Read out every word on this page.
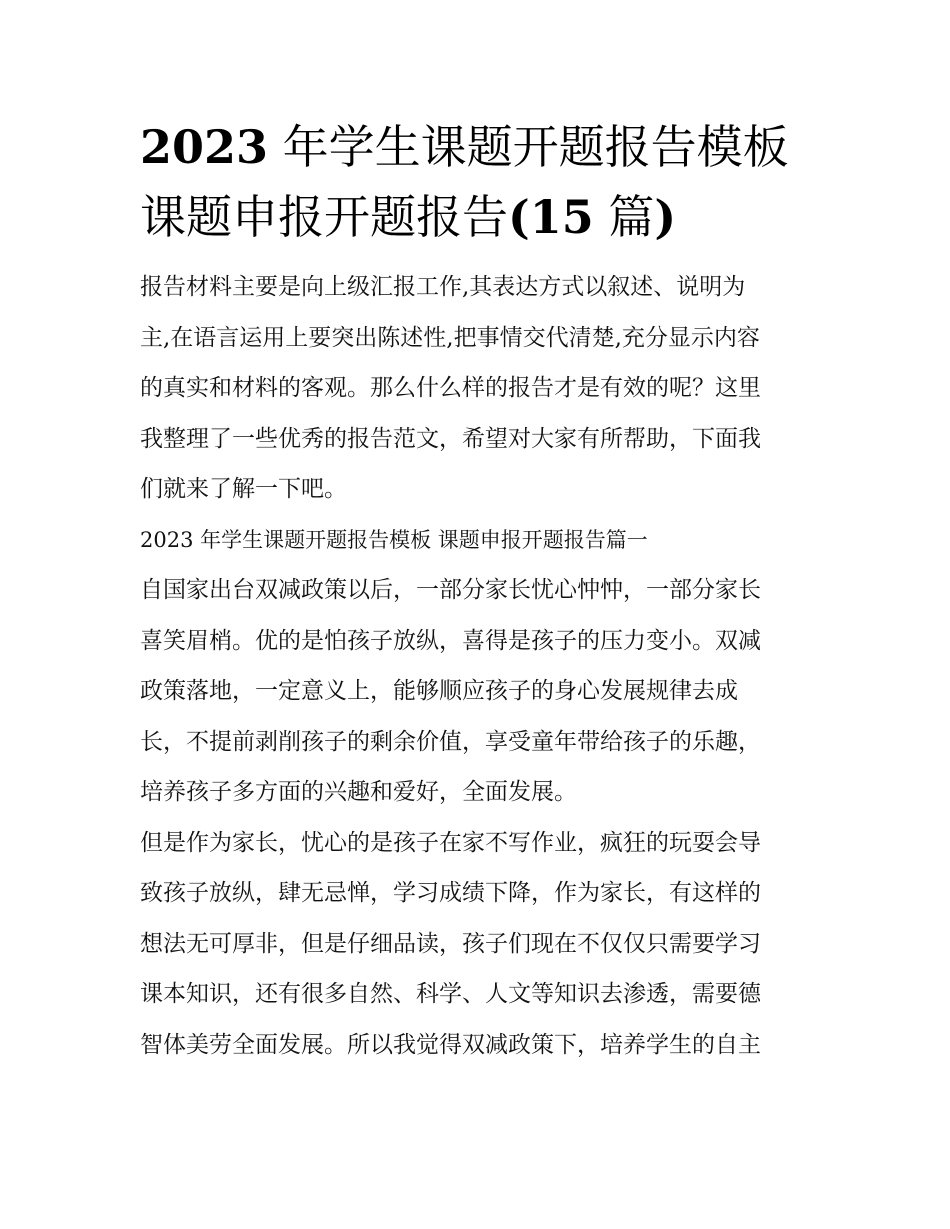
2023 年学生课题开题报告模板
课题申报开题报告(15 篇)
报告材料主要是向上级汇报工作,其表达方式以叙述、说明为
主,在语言运用上要突出陈述性,把事情交代清楚,充分显示内容
的真实和材料的客观。那么什么样的报告才是有效的呢？这里
我整理了一些优秀的报告范文，希望对大家有所帮助，下面我
们就来了解一下吧。
2023 年学生课题开题报告模板 课题申报开题报告篇一
自国家出台双减政策以后，一部分家长忧心忡忡，一部分家长
喜笑眉梢。优的是怕孩子放纵，喜得是孩子的压力变小。双减
政策落地，一定意义上，能够顺应孩子的身心发展规律去成
长，不提前剥削孩子的剩余价值，享受童年带给孩子的乐趣，
培养孩子多方面的兴趣和爱好，全面发展。
但是作为家长，忧心的是孩子在家不写作业，疯狂的玩耍会导
致孩子放纵，肆无忌惮，学习成绩下降，作为家长，有这样的
想法无可厚非，但是仔细品读，孩子们现在不仅仅只需要学习
课本知识，还有很多自然、科学、人文等知识去渗透，需要德
智体美劳全面发展。所以我觉得双减政策下，培养学生的自主
